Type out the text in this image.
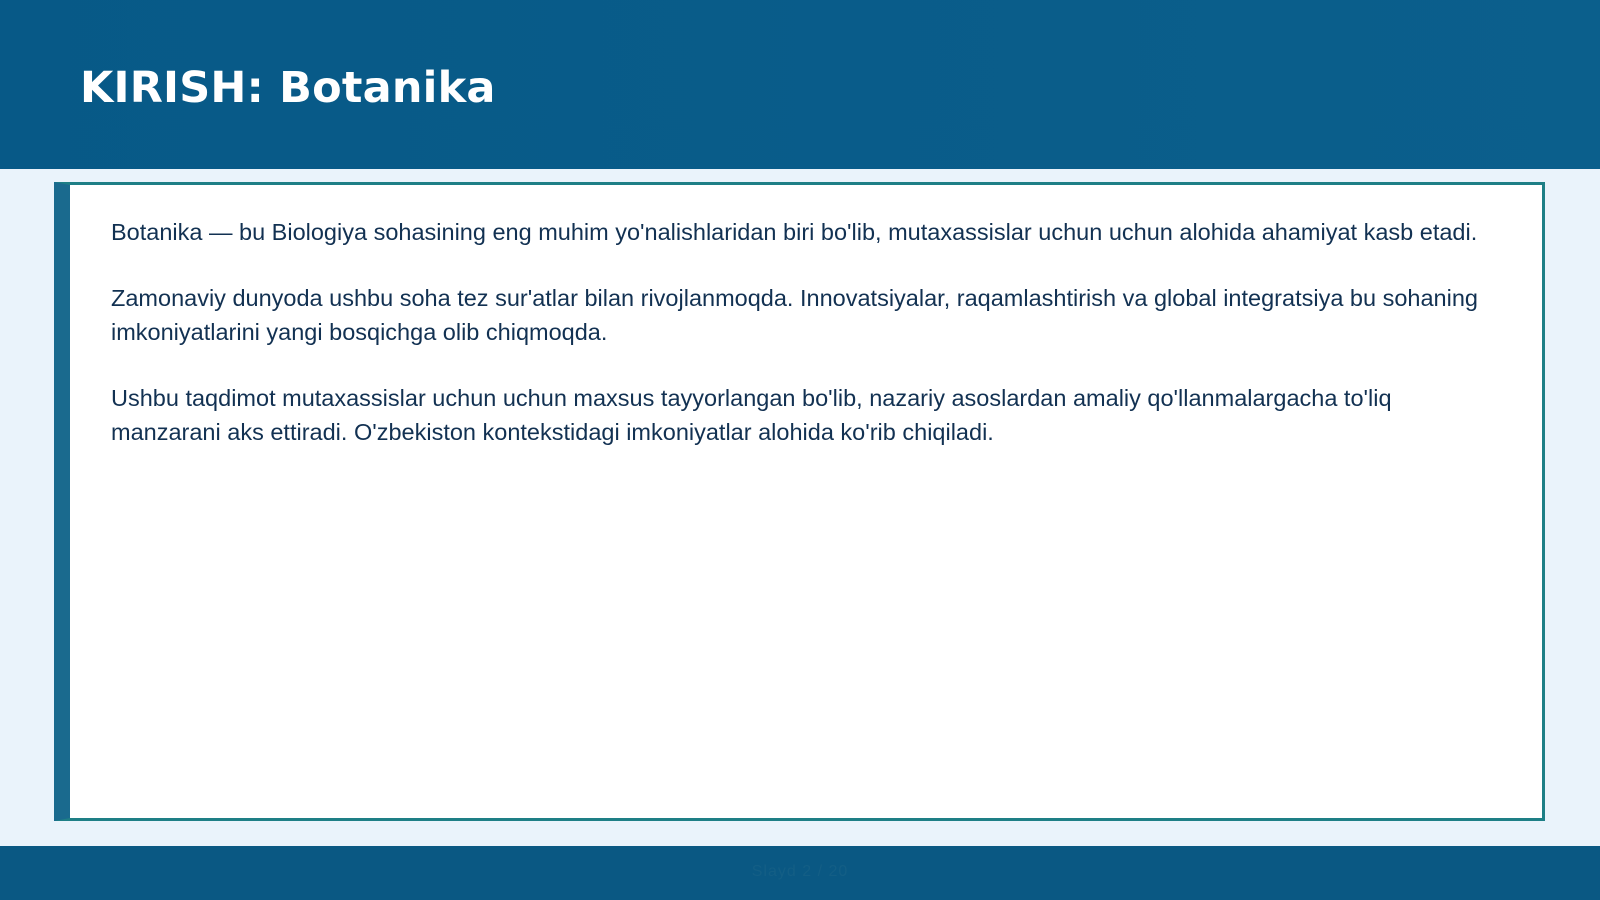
KIRISH: Botanika

Botanika — bu Biologiya sohasining eng muhim yo'nalishlaridan biri bo'lib, mutaxassislar uchun uchun alohida ahamiyat kasb etadi.

Zamonaviy dunyoda ushbu soha tez sur'atlar bilan rivojlanmoqda. Innovatsiyalar, raqamlashtirish va global integratsiya bu sohaning imkoniyatlarini yangi bosqichga olib chiqmoqda.

Ushbu taqdimot mutaxassislar uchun uchun maxsus tayyorlangan bo'lib, nazariy asoslardan amaliy qo'llanmalargacha to'liq manzarani aks ettiradi. O'zbekiston kontekstidagi imkoniyatlar alohida ko'rib chiqiladi.

Slayd 2 / 20
